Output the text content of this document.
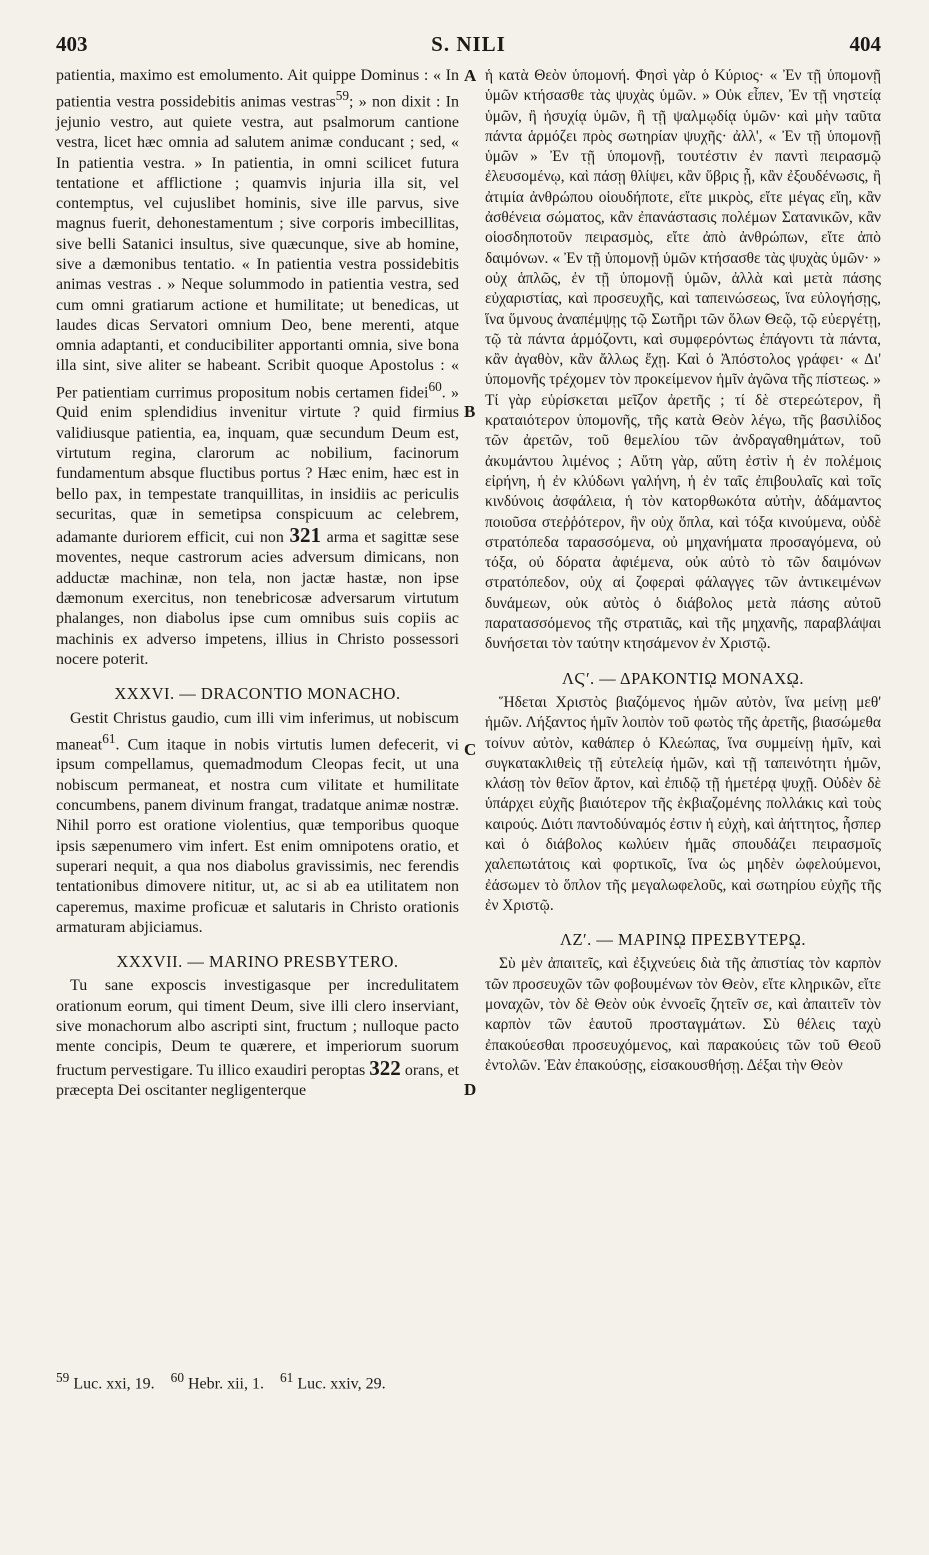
403	S. NILI	404
A
B
C
D

patientia, maximo est emolumento. Ait quippe Dominus : « In patientia vestra possidebitis animas vestras$^{59}$; » non dixit : In jejunio vestro, aut quiete vestra, aut psalmorum cantione vestra, licet hæc omnia ad salutem animæ conducant ; sed, « In patientia vestra. » In patientia, in omni scilicet futura tentatione et afflictione ; quamvis injuria illa sit, vel contemptus, vel cujuslibet hominis, sive ille parvus, sive magnus fuerit, dehonestamentum ; sive corporis imbecillitas, sive belli Satanici insultus, sive quæcunque, sive ab homine, sive a dæmonibus tentatio. « In patientia vestra possidebitis animas vestras . » Neque solummodo in patientia vestra, sed cum omni gratiarum actione et humilitate; ut benedicas, ut laudes dicas Servatori omnium Deo, bene merenti, atque omnia adaptanti, et conducibiliter apportanti omnia, sive bona illa sint, sive aliter se habeant. Scribit quoque Apostolus : « Per patientiam currimus propositum nobis certamen fidei$^{60}$. » Quid enim splendidius invenitur virtute ? quid firmius validiusque patientia, ea, inquam, quæ secundum Deum est, virtutum regina, clarorum ac nobilium, facinorum fundamentum absque fluctibus portus ? Hæc enim, hæc est in bello pax, in tempestate tranquillitas, in insidiis ac periculis securitas, quæ in semetipsa conspicuum ac celebrem, adamante duriorem efficit, cui non 321 arma et sagittæ sese moventes, neque castrorum acies adversum dimicans, non adductæ machinæ, non tela, non jactæ hastæ, non ipse dæmonum exercitus, non tenebricosæ adversarum virtutum phalanges, non diabolus ipse cum omnibus suis copiis ac machinis ex adverso impetens, illius in Christo possessori nocere poterit.

XXXVI. — DRACONTIO MONACHO.

Gestit Christus gaudio, cum illi vim inferimus, ut nobiscum maneat$^{61}$. Cum itaque in nobis virtutis lumen defecerit, vi ipsum compellamus, quemadmodum Cleopas fecit, ut una nobiscum permaneat, et nostra cum vilitate et humilitate concumbens, panem divinum frangat, tradatque animæ nostræ. Nihil porro est oratione violentius, quæ temporibus quoque ipsis sæpenumero vim infert. Est enim omnipotens oratio, et superari nequit, a qua nos diabolus gravissimis, nec ferendis tentationibus dimovere nititur, ut, ac si ab ea utilitatem non caperemus, maxime proficuæ et salutaris in Christo orationis armaturam abjiciamus.

XXXVII. — MARINO PRESBYTERO.

Tu sane exposcis investigasque per incredulitatem orationum eorum, qui timent Deum, sive illi clero inserviant, sive monachorum albo ascripti sint, fructum ; nulloque pacto mente concipis, Deum te quærere, et imperiorum suorum fructum pervestigare. Tu illico exaudiri peroptas 322 orans, et præcepta Dei oscitanter negligenterque

ἡ κατὰ Θεὸν ὑπομονή. Φησὶ γὰρ ὁ Κύριος· « Ἐν τῇ ὑπομονῇ ὑμῶν κτήσασθε τὰς ψυχὰς ὑμῶν. » Οὐκ εἶπεν, Ἐν τῇ νηστείᾳ ὑμῶν, ἢ ἡσυχίᾳ ὑμῶν, ἢ τῇ ψαλμῳδίᾳ ὑμῶν· καὶ μὴν ταῦτα πάντα ἁρμόζει πρὸς σωτηρίαν ψυχῆς· ἀλλ', « Ἐν τῇ ὑπομονῇ ὑμῶν » Ἐν τῇ ὑπομονῇ, τουτέστιν ἐν παντὶ πειρασμῷ ἐλευσομένῳ, καὶ πάσῃ θλίψει, κἂν ὕβρις ᾖ, κἂν ἐξουδένωσις, ἢ ἀτιμία ἀνθρώπου οἱουδήποτε, εἴτε μικρὸς, εἴτε μέγας εἴη, κἂν ἀσθένεια σώματος, κἂν ἐπανάστασις πολέμων Σατανικῶν, κἂν οἱοσδηποτοῦν πειρασμὸς, εἴτε ἀπὸ ἀνθρώπων, εἴτε ἀπὸ δαιμόνων. « Ἐν τῇ ὑπομονῇ ὑμῶν κτήσασθε τὰς ψυχὰς ὑμῶν· » οὐχ ἁπλῶς, ἐν τῇ ὑπομονῇ ὑμῶν, ἀλλὰ καὶ μετὰ πάσης εὐχαριστίας, καὶ προσευχῆς, καὶ ταπεινώσεως, ἵνα εὐλογήσῃς, ἵνα ὕμνους ἀναπέμψῃς τῷ Σωτῆρι τῶν ὅλων Θεῷ, τῷ εὐεργέτῃ, τῷ τὰ πάντα ἁρμόζοντι, καὶ συμφερόντως ἐπάγοντι τὰ πάντα, κἂν ἀγαθὸν, κἂν ἄλλως ἔχῃ. Καὶ ὁ Ἀπόστολος γράφει· « Δι' ὑπομονῆς τρέχομεν τὸν προκείμενον ἡμῖν ἀγῶνα τῆς πίστεως. » Τί γὰρ εὑρίσκεται μεῖζον ἀρετῆς ; τί δὲ στερεώτερον, ἢ κραταιότερον ὑπομονῆς, τῆς κατὰ Θεὸν λέγω, τῆς βασιλίδος τῶν ἀρετῶν, τοῦ θεμελίου τῶν ἀνδραγαθημάτων, τοῦ ἀκυμάντου λιμένος ; Αὕτη γὰρ, αὕτη ἐστὶν ἡ ἐν πολέμοις εἰρήνη, ἡ ἐν κλύδωνι γαλήνη, ἡ ἐν ταῖς ἐπιβουλαῖς καὶ τοῖς κινδύνοις ἀσφάλεια, ἡ τὸν κατορθωκότα αὐτὴν, ἀδάμαντος ποιοῦσα στεῤῥότερον, ἣν οὐχ ὅπλα, καὶ τόξα κινούμενα, οὐδὲ στρατόπεδα ταρασσόμενα, οὐ μηχανήματα προσαγόμενα, οὐ τόξα, οὐ δόρατα ἀφιέμενα, οὐκ αὐτὸ τὸ τῶν δαιμόνων στρατόπεδον, οὐχ αἱ ζοφεραὶ φάλαγγες τῶν ἀντικειμένων δυνάμεων, οὐκ αὐτὸς ὁ διάβολος μετὰ πάσης αὐτοῦ παρατασσόμενος τῆς στρατιᾶς, καὶ τῆς μηχανῆς, παραβλάψαι δυνήσεται τὸν ταύτην κτησάμενον ἐν Χριστῷ.

ΛϚʹ. — ΔΡΑΚΟΝΤΙῼ ΜΟΝΑΧῼ.

Ἥδεται Χριστὸς βιαζόμενος ἡμῶν αὐτὸν, ἵνα μείνῃ μεθ' ἡμῶν. Λήξαντος ἡμῖν λοιπὸν τοῦ φωτὸς τῆς ἀρετῆς, βιασώμεθα τοίνυν αὐτὸν, καθάπερ ὁ Κλεώπας, ἵνα συμμείνῃ ἡμῖν, καὶ συγκατακλιθεὶς τῇ εὐτελείᾳ ἡμῶν, καὶ τῇ ταπεινότητι ἡμῶν, κλάσῃ τὸν θεῖον ἄρτον, καὶ ἐπιδῷ τῇ ἡμετέρᾳ ψυχῇ. Οὐδὲν δὲ ὑπάρχει εὐχῆς βιαιότερον τῆς ἐκβιαζομένης πολλάκις καὶ τοὺς καιρούς. Διότι παντοδύναμός ἐστιν ἡ εὐχὴ, καὶ ἀήττητος, ἧσπερ καὶ ὁ διάβολος κωλύειν ἡμᾶς σπουδάζει πειρασμοῖς χαλεπωτάτοις καὶ φορτικοῖς, ἵνα ὡς μηδὲν ὠφελούμενοι, ἐάσωμεν τὸ ὅπλον τῆς μεγαλωφελοῦς, καὶ σωτηρίου εὐχῆς τῆς ἐν Χριστῷ.

ΛΖʹ. — ΜΑΡΙΝῼ ΠΡΕΣΒΥΤΕΡῼ.

Σὺ μὲν ἀπαιτεῖς, καὶ ἐξιχνεύεις διὰ τῆς ἀπιστίας τὸν καρπὸν τῶν προσευχῶν τῶν φοβουμένων τὸν Θεὸν, εἴτε κληρικῶν, εἴτε μοναχῶν, τὸν δὲ Θεὸν οὐκ ἐννοεῖς ζητεῖν σε, καὶ ἀπαιτεῖν τὸν καρπὸν τῶν ἑαυτοῦ προσταγμάτων. Σὺ θέλεις ταχὺ ἐπακούεσθαι προσευχόμενος, καὶ παρακούεις τῶν τοῦ Θεοῦ ἐντολῶν. Ἐὰν ἐπακούσῃς, εἰσακουσθήσῃ. Δέξαι τὴν Θεὸν

$^{59}$ Luc. xxi, 19. $^{60}$ Hebr. xii, 1. $^{61}$ Luc. xxiv, 29.
